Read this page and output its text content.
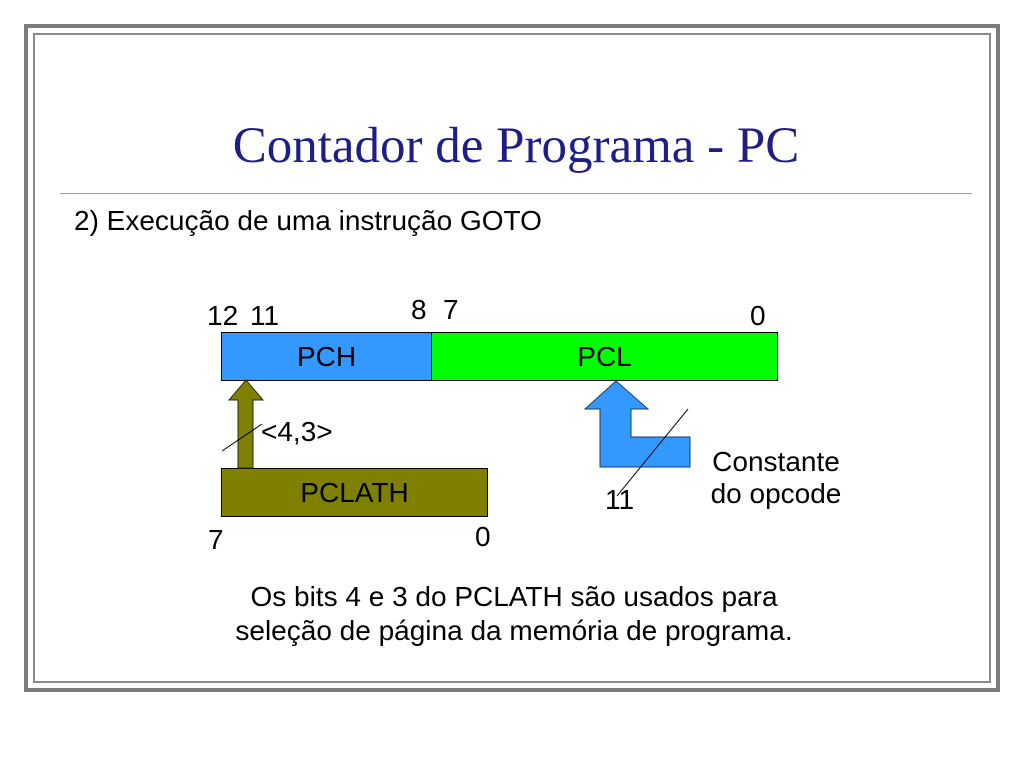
Contador de Programa - PC
2) Execução de uma instrução GOTO
12 11	8 7	0
PCH	PCL
PCLATH
7	0
<4,3>
11
Constante
do opcode
Os bits 4 e 3 do PCLATH são usados para
seleção de página da memória de programa.
